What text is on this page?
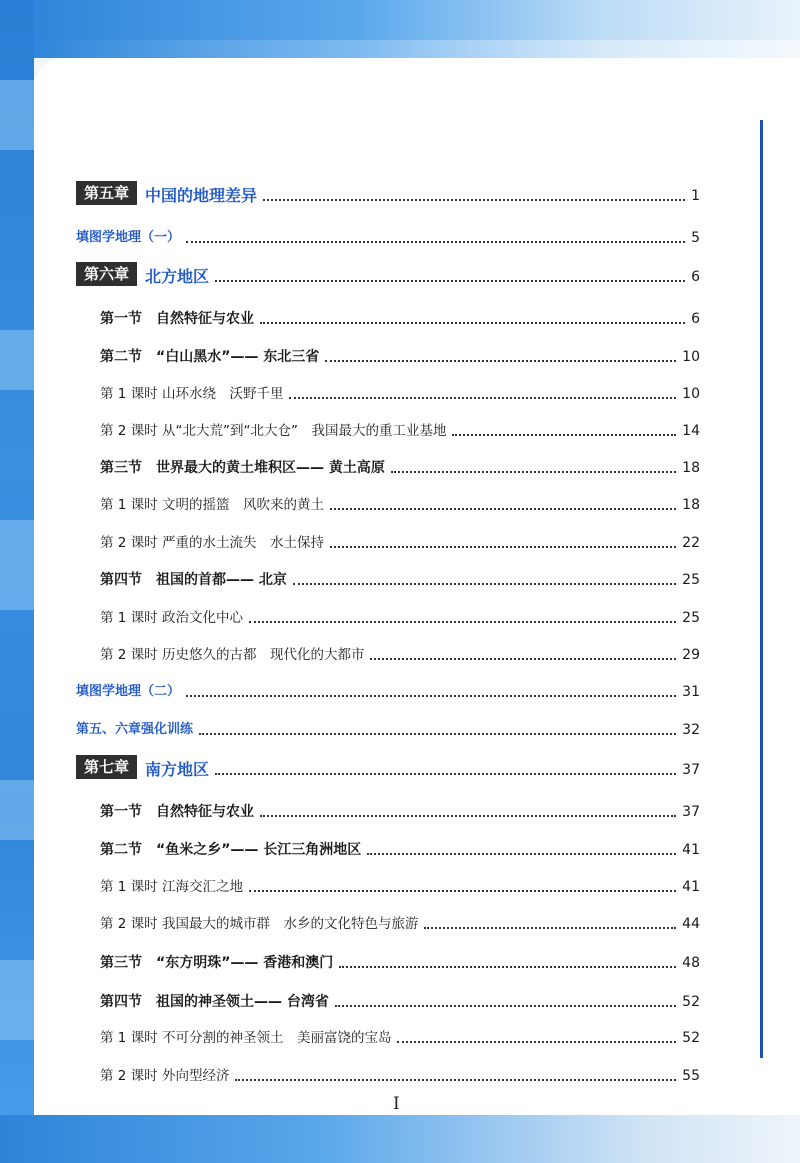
第五章	中国的地理差异	1
填图学地理（一）	5
第六章	北方地区	6
第一节　自然特征与农业	6
第二节　“白山黑水”—— 东北三省	10
第 1 课时 山环水绕　沃野千里	10
第 2 课时 从“北大荒”到“北大仓”　我国最大的重工业基地	14
第三节　世界最大的黄土堆积区—— 黄土高原	18
第 1 课时 文明的摇篮　风吹来的黄土	18
第 2 课时 严重的水土流失　水土保持	22
第四节　祖国的首都—— 北京	25
第 1 课时 政治文化中心	25
第 2 课时 历史悠久的古都　现代化的大都市	29
填图学地理（二）	31
第五、六章强化训练	32
第七章	南方地区	37
第一节　自然特征与农业	37
第二节　“鱼米之乡”—— 长江三角洲地区	41
第 1 课时 江海交汇之地	41
第 2 课时 我国最大的城市群　水乡的文化特色与旅游	44
第三节　“东方明珠”—— 香港和澳门	48
第四节　祖国的神圣领土—— 台湾省	52
第 1 课时 不可分割的神圣领土　美丽富饶的宝岛	52
第 2 课时 外向型经济	55
I
